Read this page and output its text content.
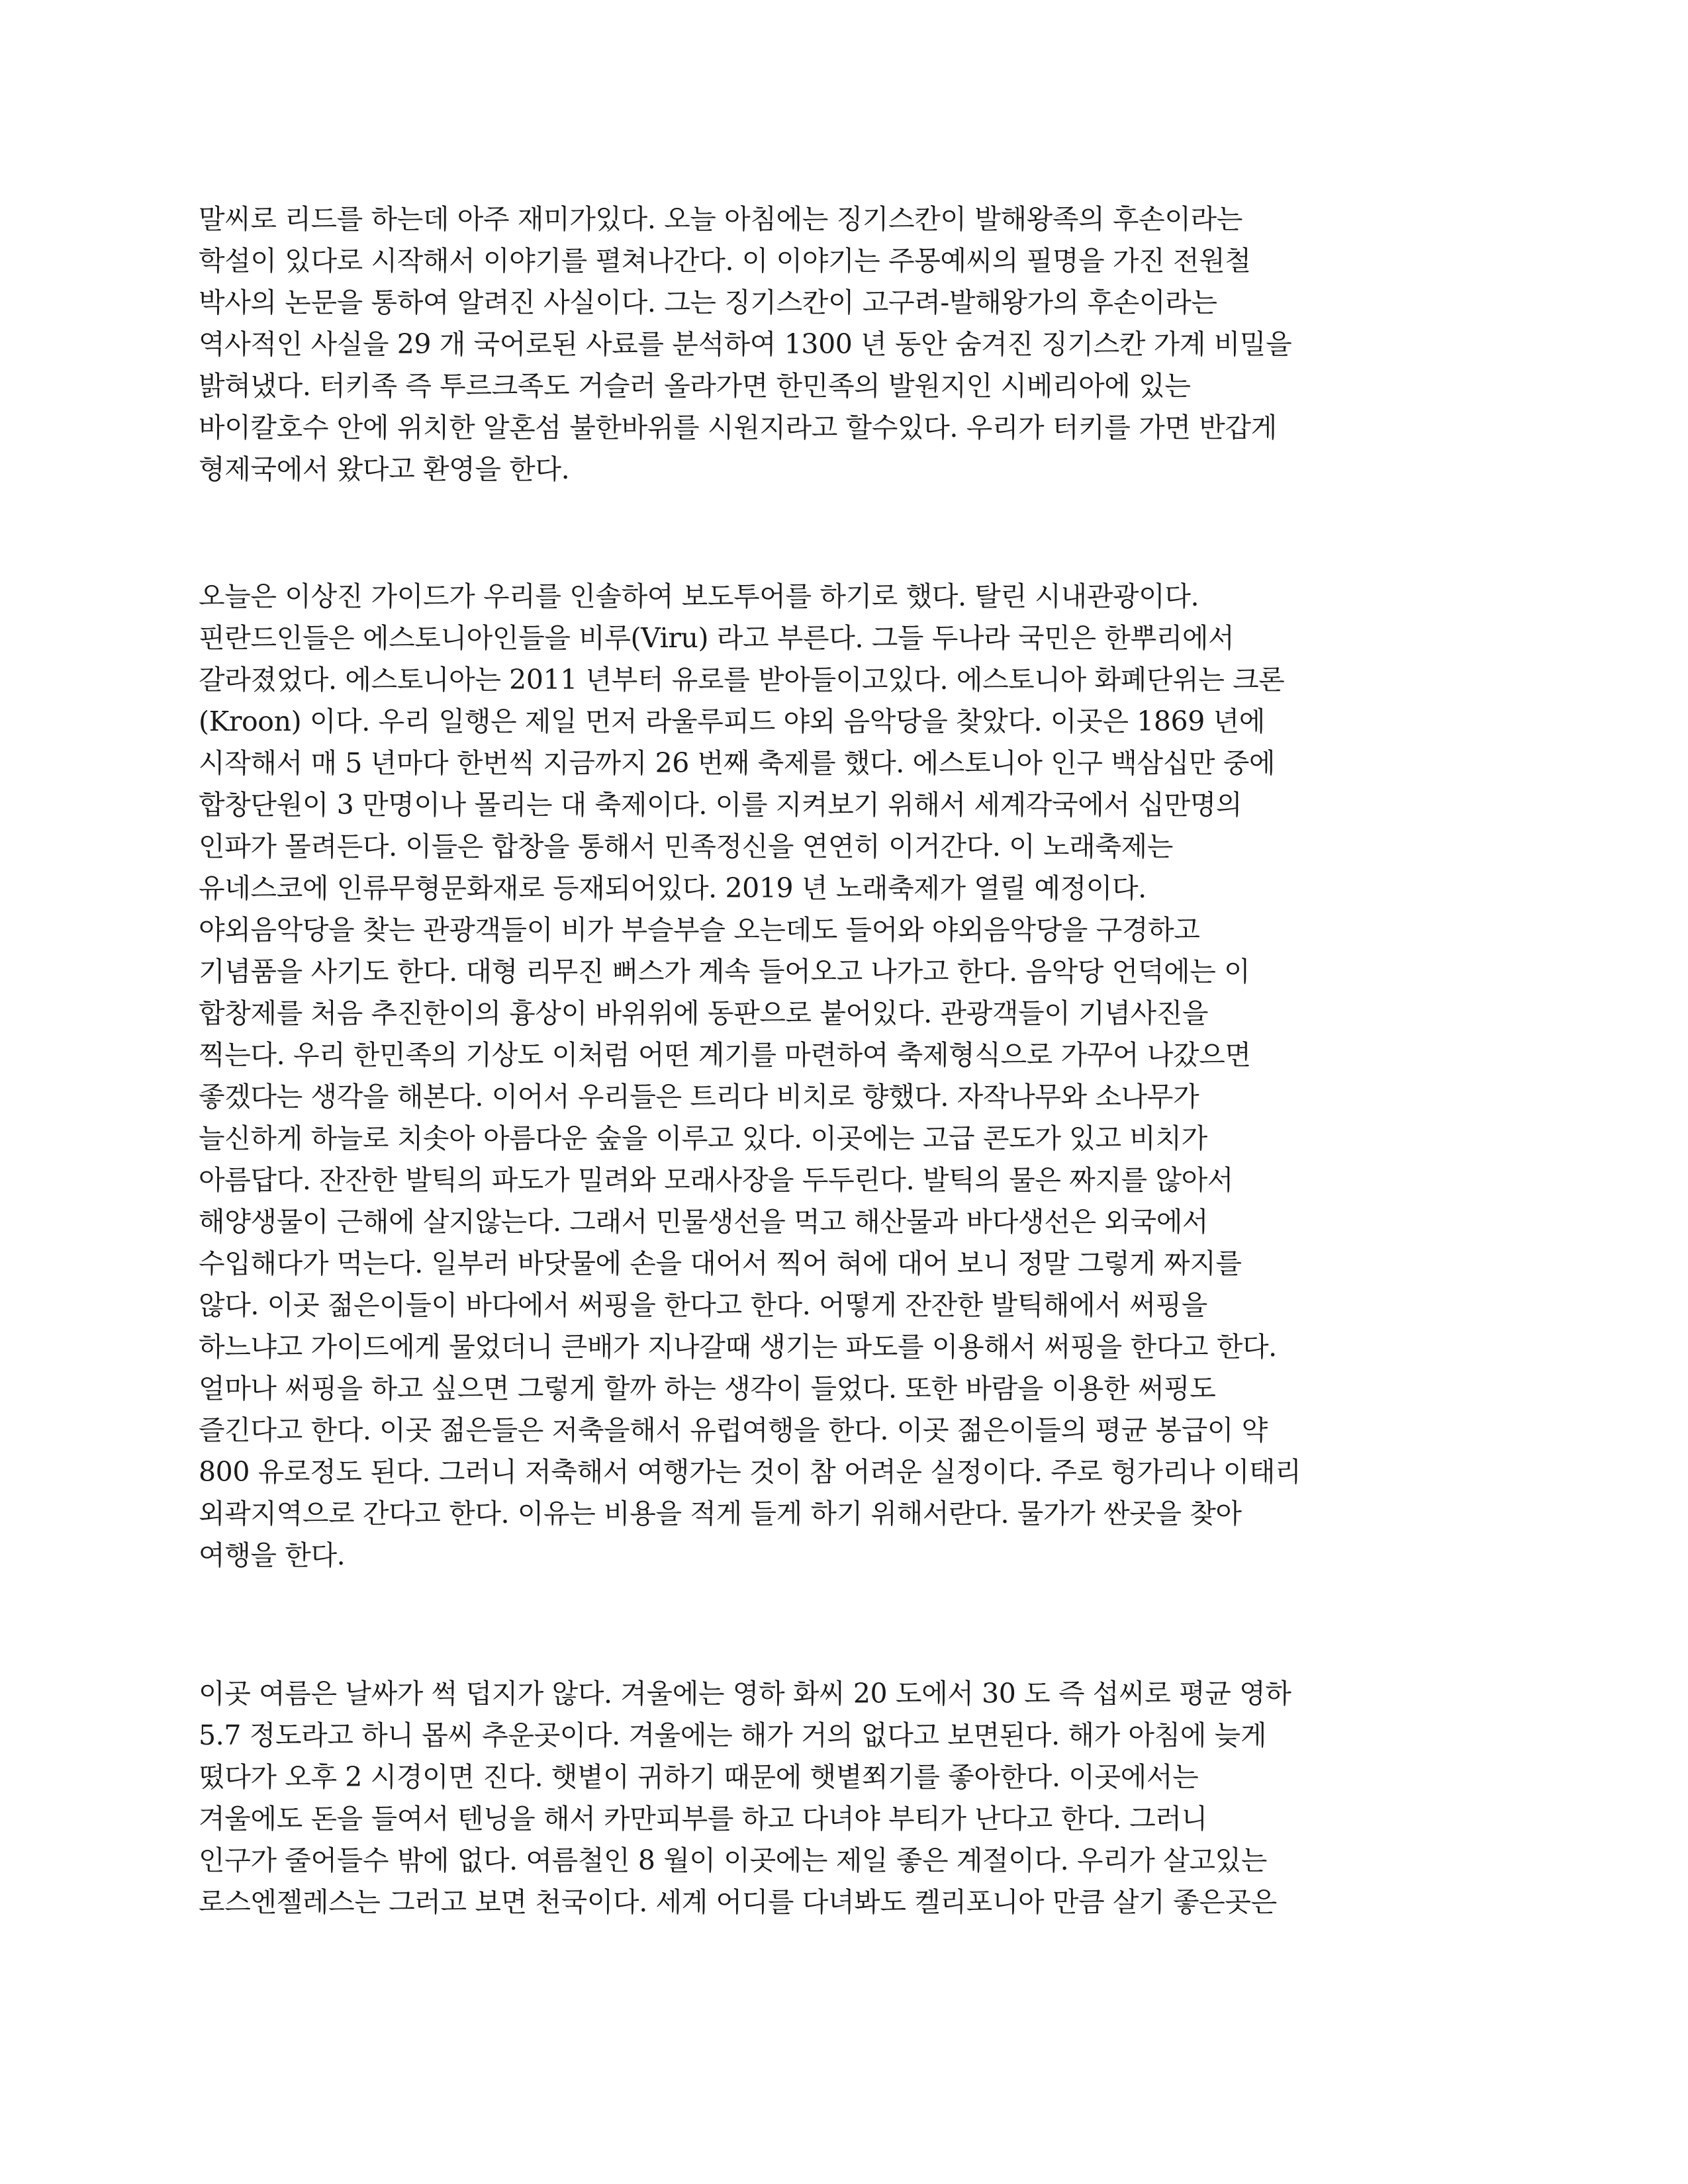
말씨로 리드를 하는데 아주 재미가있다. 오늘 아침에는 징기스칸이 발해왕족의 후손이라는
학설이 있다로 시작해서 이야기를 펼쳐나간다. 이 이야기는 주몽예씨의 필명을 가진 전원철
박사의 논문을 통하여 알려진 사실이다. 그는 징기스칸이 고구려-발해왕가의 후손이라는
역사적인 사실을 29 개 국어로된 사료를 분석하여 1300 년 동안 숨겨진 징기스칸 가계 비밀을
밝혀냈다. 터키족 즉 투르크족도 거슬러 올라가면 한민족의 발원지인 시베리아에 있는
바이칼호수 안에 위치한 알혼섬 불한바위를 시원지라고 할수있다. 우리가 터키를 가면 반갑게
형제국에서 왔다고 환영을 한다.
오늘은 이상진 가이드가 우리를 인솔하여 보도투어를 하기로 했다. 탈린 시내관광이다.
핀란드인들은 에스토니아인들을 비루(Viru) 라고 부른다. 그들 두나라 국민은 한뿌리에서
갈라졌었다. 에스토니아는 2011 년부터 유로를 받아들이고있다. 에스토니아 화폐단위는 크론
(Kroon) 이다. 우리 일행은 제일 먼저 라울루피드 야외 음악당을 찾았다. 이곳은 1869 년에
시작해서 매 5 년마다 한번씩 지금까지 26 번째 축제를 했다. 에스토니아 인구 백삼십만 중에
합창단원이 3 만명이나 몰리는 대 축제이다. 이를 지켜보기 위해서 세계각국에서 십만명의
인파가 몰려든다. 이들은 합창을 통해서 민족정신을 연연히 이거간다. 이 노래축제는
유네스코에 인류무형문화재로 등재되어있다. 2019 년 노래축제가 열릴 예정이다.
야외음악당을 찾는 관광객들이 비가 부슬부슬 오는데도 들어와 야외음악당을 구경하고
기념품을 사기도 한다. 대형 리무진 뻐스가 계속 들어오고 나가고 한다. 음악당 언덕에는 이
합창제를 처음 추진한이의 흉상이 바위위에 동판으로 붙어있다. 관광객들이 기념사진을
찍는다. 우리 한민족의 기상도 이처럼 어떤 계기를 마련하여 축제형식으로 가꾸어 나갔으면
좋겠다는 생각을 해본다. 이어서 우리들은 트리다 비치로 향했다. 자작나무와 소나무가
늘신하게 하늘로 치솟아 아름다운 숲을 이루고 있다. 이곳에는 고급 콘도가 있고 비치가
아름답다. 잔잔한 발틱의 파도가 밀려와 모래사장을 두두린다. 발틱의 물은 짜지를 않아서
해양생물이 근해에 살지않는다. 그래서 민물생선을 먹고 해산물과 바다생선은 외국에서
수입해다가 먹는다. 일부러 바닷물에 손을 대어서 찍어 혀에 대어 보니 정말 그렇게 짜지를
않다. 이곳 젊은이들이 바다에서 써핑을 한다고 한다. 어떻게 잔잔한 발틱해에서 써핑을
하느냐고 가이드에게 물었더니 큰배가 지나갈때 생기는 파도를 이용해서 써핑을 한다고 한다.
얼마나 써핑을 하고 싶으면 그렇게 할까 하는 생각이 들었다. 또한 바람을 이용한 써핑도
즐긴다고 한다. 이곳 젊은들은 저축을해서 유럽여행을 한다. 이곳 젊은이들의 평균 봉급이 약
800 유로정도 된다. 그러니 저축해서 여행가는 것이 참 어려운 실정이다. 주로 헝가리나 이태리
외곽지역으로 간다고 한다. 이유는 비용을 적게 들게 하기 위해서란다. 물가가 싼곳을 찾아
여행을 한다.
이곳 여름은 날싸가 썩 덥지가 않다. 겨울에는 영하 화씨 20 도에서 30 도 즉 섭씨로 평균 영하
5.7 정도라고 하니 몹씨 추운곳이다. 겨울에는 해가 거의 없다고 보면된다. 해가 아침에 늦게
떴다가 오후 2 시경이면 진다. 햇볕이 귀하기 때문에 햇볕쬐기를 좋아한다. 이곳에서는
겨울에도 돈을 들여서 텐닝을 해서 카만피부를 하고 다녀야 부티가 난다고 한다. 그러니
인구가 줄어들수 밖에 없다. 여름철인 8 월이 이곳에는 제일 좋은 계절이다. 우리가 살고있는
로스엔젤레스는 그러고 보면 천국이다. 세계 어디를 다녀봐도 켈리포니아 만큼 살기 좋은곳은
